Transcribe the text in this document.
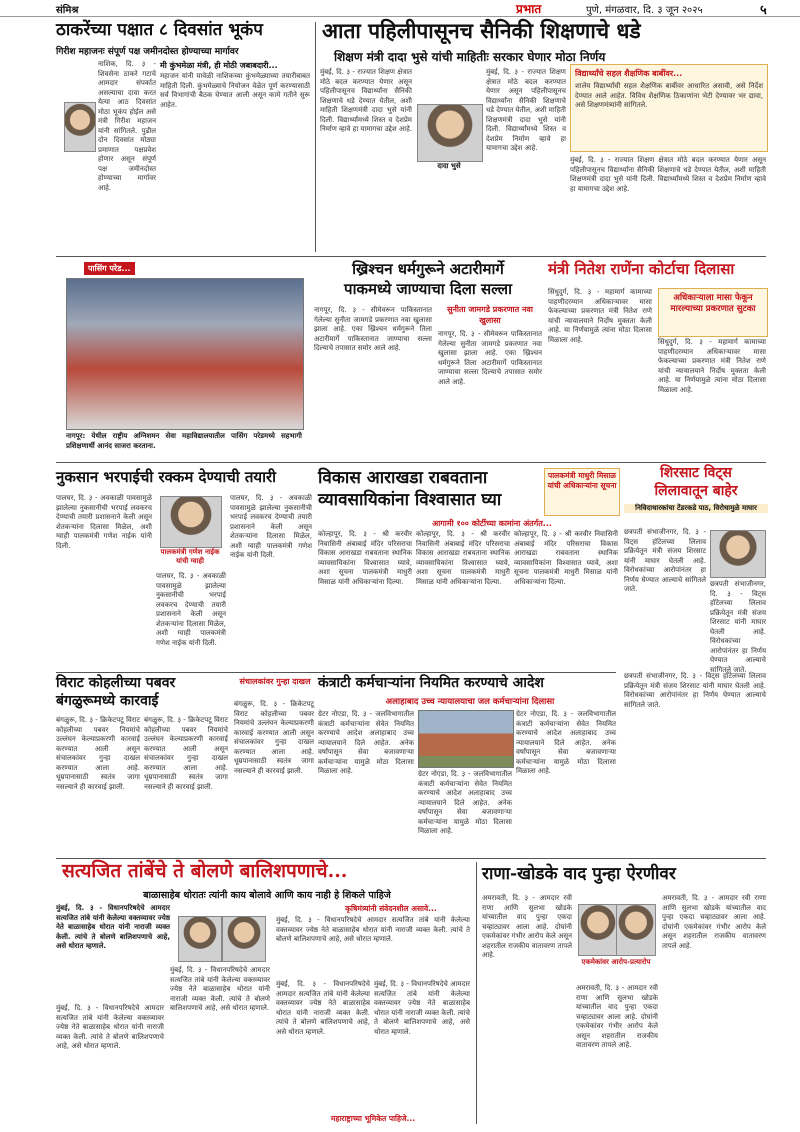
संमिश्र	प्रभात	पुणे, मंगळवार, दि. ३ जून २०२५	५
ठाकरेंच्या पक्षात ८ दिवसांत भूकंप
गिरीश महाजनः संपूर्ण पक्ष जमीनदोस्त होण्याच्या मार्गावर

नाशिक, दि. ३ - शिवसेना ठाकरे गटाचे आमदार संपर्कात असल्याचा दावा करत येत्या आठ दिवसांत मोठा भूकंप होईल असे मंत्री गिरीश महाजन यांनी सांगितले. पुढील दोन दिवसांत मोठ्या प्रमाणात पक्षप्रवेश होणार असून संपूर्ण पक्ष जमीनदोस्त होण्याच्या मार्गावर आहे.

मी कुंभमेळा मंत्री, ही मोठी जबाबदारी...
महाजन यांनी यावेळी नाशिकच्या कुंभमेळ्याच्या तयारीबाबत माहिती दिली. कुंभमेळ्याचे नियोजन वेळेत पूर्ण करण्यासाठी सर्व विभागांची बैठक घेण्यात आली असून कामे गतीने सुरू आहेत.
आता पहिलीपासूनच सैनिकी शिक्षणाचे धडे
शिक्षण मंत्री दादा भुसे यांची माहितीः सरकार घेणार मोठा निर्णय
मुंबई, दि. ३ - राज्यात शिक्षण क्षेत्रात मोठे बदल करण्यात येणार असून पहिलीपासूनच विद्यार्थ्यांना सैनिकी शिक्षणाचे धडे देण्यात येतील, अशी माहिती शिक्षणमंत्री दादा भुसे यांनी दिली. विद्यार्थ्यांमध्ये शिस्त व देशप्रेम निर्माण व्हावे हा यामागचा उद्देश आहे.
दादा भुसे
मुंबई, दि. ३ - राज्यात शिक्षण क्षेत्रात मोठे बदल करण्यात येणार असून पहिलीपासूनच विद्यार्थ्यांना सैनिकी शिक्षणाचे धडे देण्यात येतील, अशी माहिती शिक्षणमंत्री दादा भुसे यांनी दिली. विद्यार्थ्यांमध्ये शिस्त व देशप्रेम निर्माण व्हावे हा यामागचा उद्देश आहे.
विद्यार्थ्यांचे सहल शैक्षणिक बाबींवर...
शालेय विद्यार्थ्यांची सहल शैक्षणिक बाबींवर आधारित असावी, असे निर्देश देण्यात आले आहेत. विविध शैक्षणिक ठिकाणांना भेटी देण्यावर भर द्यावा, असे शिक्षणमंत्र्यांनी सांगितले.
मुंबई, दि. ३ - राज्यात शिक्षण क्षेत्रात मोठे बदल करण्यात येणार असून पहिलीपासूनच विद्यार्थ्यांना सैनिकी शिक्षणाचे धडे देण्यात येतील, अशी माहिती शिक्षणमंत्री दादा भुसे यांनी दिली. विद्यार्थ्यांमध्ये शिस्त व देशप्रेम निर्माण व्हावे हा यामागचा उद्देश आहे.
पासिंग परेड...
नागपूर: येथील राष्ट्रीय अग्निशमन सेवा महाविद्यालयातील पासिंग परेडमध्ये सहभागी प्रशिक्षणार्थी आनंद साजरा करताना.
ख्रिश्चन धर्मगुरूने अटारीमार्गे
पाकमध्ये जाण्याचा दिला सल्ला
सुनीता जामगडे प्रकरणात नवा खुलासा
नागपूर, दि. ३ - सीमेवरून पाकिस्तानात गेलेल्या सुनीता जामगडे प्रकरणात नवा खुलासा झाला आहे. एका ख्रिश्चन धर्मगुरूने तिला अटारीमार्गे पाकिस्तानात जाण्याचा सल्ला दिल्याचे तपासात समोर आले आहे.
नागपूर, दि. ३ - सीमेवरून पाकिस्तानात गेलेल्या सुनीता जामगडे प्रकरणात नवा खुलासा झाला आहे. एका ख्रिश्चन धर्मगुरूने तिला अटारीमार्गे पाकिस्तानात जाण्याचा सल्ला दिल्याचे तपासात समोर आले आहे.
मंत्री नितेश राणेंना कोर्टाचा दिलासा
सिंधुदुर्ग, दि. ३ - महामार्ग कामाच्या पाहणीदरम्यान अधिकाऱ्यावर मासा फेकल्याच्या प्रकरणात मंत्री नितेश राणे यांची न्यायालयाने निर्दोष मुक्तता केली आहे. या निर्णयामुळे त्यांना मोठा दिलासा मिळाला आहे.
अधिकाऱ्याला मासा फेकून मारल्याच्या प्रकरणात सुटका
सिंधुदुर्ग, दि. ३ - महामार्ग कामाच्या पाहणीदरम्यान अधिकाऱ्यावर मासा फेकल्याच्या प्रकरणात मंत्री नितेश राणे यांची न्यायालयाने निर्दोष मुक्तता केली आहे. या निर्णयामुळे त्यांना मोठा दिलासा मिळाला आहे.
नुकसान भरपाईची रक्कम देण्याची तयारी
पालकमंत्री गणेश नाईक यांची ग्वाही
पालघर, दि. ३ - अवकाळी पावसामुळे झालेल्या नुकसानीची भरपाई लवकरच देण्याची तयारी प्रशासनाने केली असून शेतकऱ्यांना दिलासा मिळेल, अशी ग्वाही पालकमंत्री गणेश नाईक यांनी दिली.
पालघर, दि. ३ - अवकाळी पावसामुळे झालेल्या नुकसानीची भरपाई लवकरच देण्याची तयारी प्रशासनाने केली असून शेतकऱ्यांना दिलासा मिळेल, अशी ग्वाही पालकमंत्री गणेश नाईक यांनी दिली.
पालघर, दि. ३ - अवकाळी पावसामुळे झालेल्या नुकसानीची भरपाई लवकरच देण्याची तयारी प्रशासनाने केली असून शेतकऱ्यांना दिलासा मिळेल, अशी ग्वाही पालकमंत्री गणेश नाईक यांनी दिली.
विकास आराखडा राबवताना
व्यावसायिकांना विश्वासात घ्या
पालकमंत्री माधुरी मिसाळ यांची अधिकाऱ्यांना सूचना
आगामी १०० कोटींच्या कामांना अंतर्गत...
कोल्हापूर, दि. ३ - श्री करवीर निवासिनी अंबाबाई मंदिर परिसराचा विकास आराखडा राबवताना स्थानिक व्यावसायिकांना विश्वासात घ्यावे, अशा सूचना पालकमंत्री माधुरी मिसाळ यांनी अधिकाऱ्यांना दिल्या.
कोल्हापूर, दि. ३ - श्री करवीर निवासिनी अंबाबाई मंदिर परिसराचा विकास आराखडा राबवताना स्थानिक व्यावसायिकांना विश्वासात घ्यावे, अशा सूचना पालकमंत्री माधुरी मिसाळ यांनी अधिकाऱ्यांना दिल्या.
कोल्हापूर, दि. ३ - श्री करवीर निवासिनी अंबाबाई मंदिर परिसराचा विकास आराखडा राबवताना स्थानिक व्यावसायिकांना विश्वासात घ्यावे, अशा सूचना पालकमंत्री माधुरी मिसाळ यांनी अधिकाऱ्यांना दिल्या.
शिरसाट विट्स
लिलावातून बाहेर
निविदाधारकांचा टेंडरकडे पाठ, विरोधामुळे माघार
छत्रपती संभाजीनगर, दि. ३ - विट्स हॉटेलच्या लिलाव प्रक्रियेतून मंत्री संजय शिरसाट यांनी माघार घेतली आहे. विरोधकांच्या आरोपांनंतर हा निर्णय घेण्यात आल्याचे सांगितले जाते.
छत्रपती संभाजीनगर, दि. ३ - विट्स हॉटेलच्या लिलाव प्रक्रियेतून मंत्री संजय शिरसाट यांनी माघार घेतली आहे. विरोधकांच्या आरोपांनंतर हा निर्णय घेण्यात आल्याचे सांगितले जाते.
विराट कोहलीच्या पबवर
बंगळुरूमध्ये कारवाई
संचालकांवर गुन्हा दाखल
बंगळुरू, दि. ३ - क्रिकेटपटू विराट कोहलीच्या पबवर नियमांचे उल्लंघन केल्याप्रकरणी कारवाई करण्यात आली असून संचालकांवर गुन्हा दाखल करण्यात आला आहे. धूम्रपानासाठी स्वतंत्र जागा नसल्याने ही कारवाई झाली.
बंगळुरू, दि. ३ - क्रिकेटपटू विराट कोहलीच्या पबवर नियमांचे उल्लंघन केल्याप्रकरणी कारवाई करण्यात आली असून संचालकांवर गुन्हा दाखल करण्यात आला आहे. धूम्रपानासाठी स्वतंत्र जागा नसल्याने ही कारवाई झाली.
बंगळुरू, दि. ३ - क्रिकेटपटू विराट कोहलीच्या पबवर नियमांचे उल्लंघन केल्याप्रकरणी कारवाई करण्यात आली असून संचालकांवर गुन्हा दाखल करण्यात आला आहे. धूम्रपानासाठी स्वतंत्र जागा नसल्याने ही कारवाई झाली.
कंत्राटी कर्मचाऱ्यांना नियमित करण्याचे आदेश
अलाहाबाद उच्च न्यायालयाचा जल कर्मचाऱ्यांना दिलासा
ग्रेटर नोएडा, दि. ३ - जलविभागातील कंत्राटी कर्मचाऱ्यांना सेवेत नियमित करण्याचे आदेश अलाहाबाद उच्च न्यायालयाने दिले आहेत. अनेक वर्षांपासून सेवा बजावणाऱ्या कर्मचाऱ्यांना यामुळे मोठा दिलासा मिळाला आहे.	ग्रेटर नोएडा, दि. ३ - जलविभागातील कंत्राटी कर्मचाऱ्यांना सेवेत नियमित करण्याचे आदेश अलाहाबाद उच्च न्यायालयाने दिले आहेत. अनेक वर्षांपासून सेवा बजावणाऱ्या कर्मचाऱ्यांना यामुळे मोठा दिलासा मिळाला आहे.
ग्रेटर नोएडा, दि. ३ - जलविभागातील कंत्राटी कर्मचाऱ्यांना सेवेत नियमित करण्याचे आदेश अलाहाबाद उच्च न्यायालयाने दिले आहेत. अनेक वर्षांपासून सेवा बजावणाऱ्या कर्मचाऱ्यांना यामुळे मोठा दिलासा मिळाला आहे.
छत्रपती संभाजीनगर, दि. ३ - विट्स हॉटेलच्या लिलाव प्रक्रियेतून मंत्री संजय शिरसाट यांनी माघार घेतली आहे. विरोधकांच्या आरोपांनंतर हा निर्णय घेण्यात आल्याचे सांगितले जाते.
सत्यजित तांबेंचे ते बोलणे बालिशपणाचे...
बाळासाहेब थोरातः त्यांनी काय बोलावे आणि काय नाही हे शिकले पाहिजे
मुंबई, दि. ३ - विधानपरिषदेचे आमदार सत्यजित तांबे यांनी केलेल्या वक्तव्यावर ज्येष्ठ नेते बाळासाहेब थोरात यांनी नाराजी व्यक्त केली. त्यांचे ते बोलणे बालिशपणाचे आहे, असे थोरात म्हणाले.
कृषिमंत्र्यांनी संवेदनशील असावे...
मुंबई, दि. ३ - विधानपरिषदेचे आमदार सत्यजित तांबे यांनी केलेल्या वक्तव्यावर ज्येष्ठ नेते बाळासाहेब थोरात यांनी नाराजी व्यक्त केली. त्यांचे ते बोलणे बालिशपणाचे आहे, असे थोरात म्हणाले.
मुंबई, दि. ३ - विधानपरिषदेचे आमदार सत्यजित तांबे यांनी केलेल्या वक्तव्यावर ज्येष्ठ नेते बाळासाहेब थोरात यांनी नाराजी व्यक्त केली. त्यांचे ते बोलणे बालिशपणाचे आहे, असे थोरात म्हणाले.
मुंबई, दि. ३ - विधानपरिषदेचे आमदार सत्यजित तांबे यांनी केलेल्या वक्तव्यावर ज्येष्ठ नेते बाळासाहेब थोरात यांनी नाराजी व्यक्त केली. त्यांचे ते बोलणे बालिशपणाचे आहे, असे थोरात म्हणाले.
मुंबई, दि. ३ - विधानपरिषदेचे आमदार सत्यजित तांबे यांनी केलेल्या वक्तव्यावर ज्येष्ठ नेते बाळासाहेब थोरात यांनी नाराजी व्यक्त केली. त्यांचे ते बोलणे बालिशपणाचे आहे, असे थोरात म्हणाले.
मुंबई, दि. ३ - विधानपरिषदेचे आमदार सत्यजित तांबे यांनी केलेल्या वक्तव्यावर ज्येष्ठ नेते बाळासाहेब थोरात यांनी नाराजी व्यक्त केली. त्यांचे ते बोलणे बालिशपणाचे आहे, असे थोरात म्हणाले.
महाराष्ट्राच्या भूमिकेत पाहिजे...
राणा-खोडके वाद पुन्हा ऐरणीवर
अमरावती, दि. ३ - आमदार रवी राणा आणि सुलभा खोडके यांच्यातील वाद पुन्हा एकदा चव्हाट्यावर आला आहे. दोघांनी एकमेकांवर गंभीर आरोप केले असून शहरातील राजकीय वातावरण तापले आहे.
एकमेकांवर आरोप-प्रत्यारोप
अमरावती, दि. ३ - आमदार रवी राणा आणि सुलभा खोडके यांच्यातील वाद पुन्हा एकदा चव्हाट्यावर आला आहे. दोघांनी एकमेकांवर गंभीर आरोप केले असून शहरातील राजकीय वातावरण तापले आहे.
अमरावती, दि. ३ - आमदार रवी राणा आणि सुलभा खोडके यांच्यातील वाद पुन्हा एकदा चव्हाट्यावर आला आहे. दोघांनी एकमेकांवर गंभीर आरोप केले असून शहरातील राजकीय वातावरण तापले आहे.
